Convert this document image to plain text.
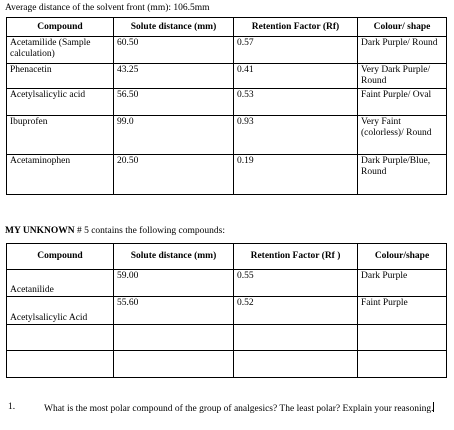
Average distance of the solvent front (mm): 106.5mm
Compound	Solute distance (mm)	Retention Factor (Rf)	Colour/ shape
Acetamilide (Sample calculation)	60.50	0.57	Dark Purple/ Round
Phenacetin	43.25	0.41	Very Dark Purple/ Round
Acetylsalicylic acid	56.50	0.53	Faint Purple/ Oval
Ibuprofen	99.0	0.93	Very Faint (colorless)/ Round
Acetaminophen	20.50	0.19	Dark Purple/Blue, Round
MY UNKNOWN # 5 contains the following compounds:
Compound	Solute distance (mm)	Retention Factor (Rf )	Colour/shape
Acetanilide	59.00	0.55	Dark Purple
Acetylsalicylic Acid	55.60	0.52	Faint Purple

1.	What is the most polar compound of the group of analgesics? The least polar? Explain your reasoning.
